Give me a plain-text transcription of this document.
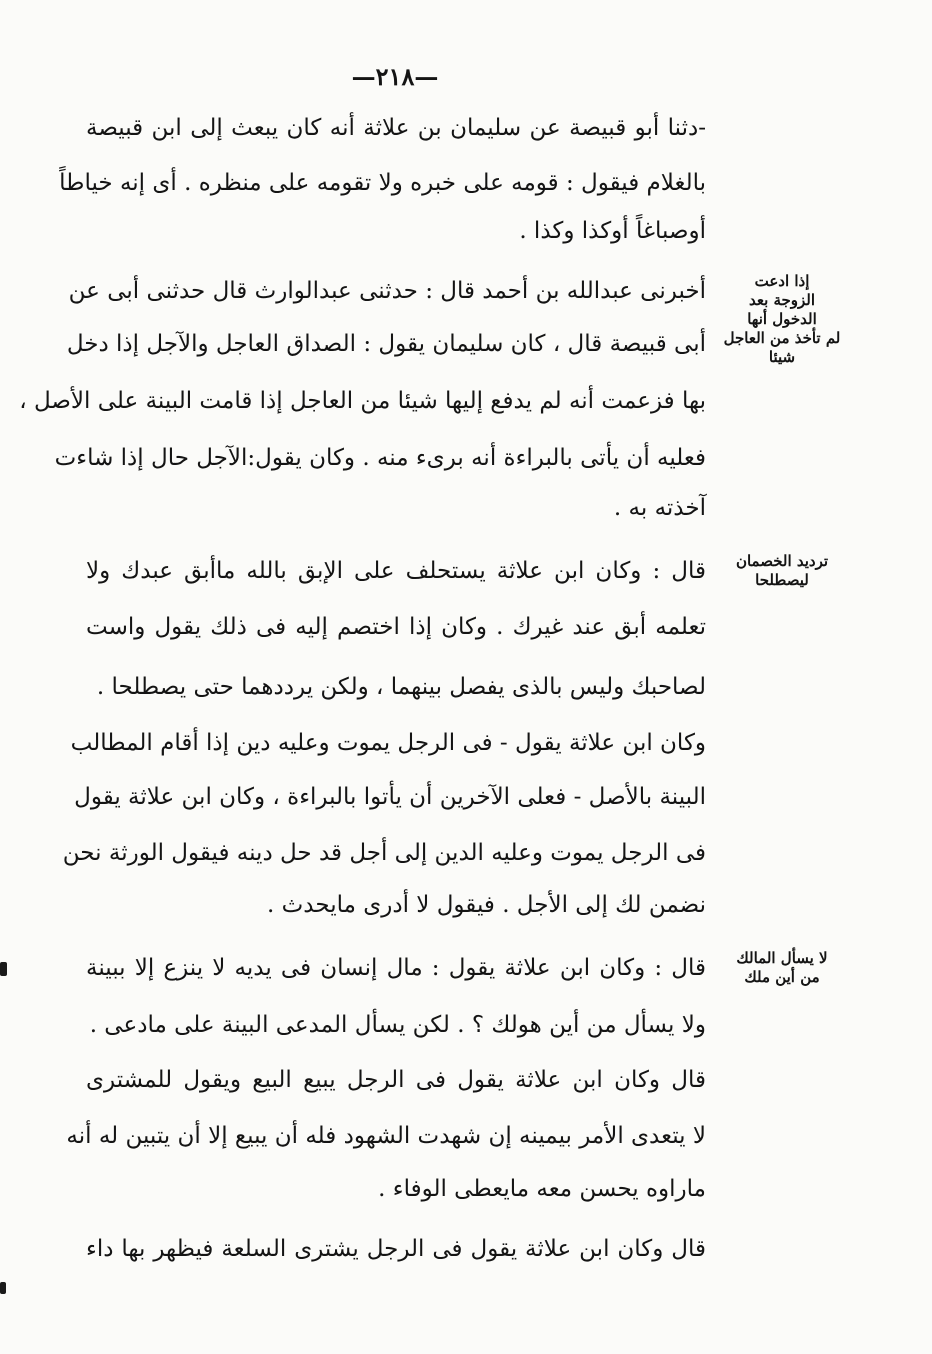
—٢١٨—
-دثنا أبو قبيصة عن سليمان بن علاثة أنه كان يبعث إلى ابن قبيصة
بالغلام فيقول : قومه على خبره ولا تقومه على منظره . أى إنه خياطاً
أوصباغاً أوكذا وكذا .
أخبرنى عبدالله بن أحمد قال : حدثنى عبدالوارث قال حدثنى أبى عن
أبى قبيصة قال ، كان سليمان يقول : الصداق العاجل والآجل إذا دخل
بها فزعمت أنه لم يدفع إليها شيئا من العاجل إذا قامت البينة على الأصل ،
فعليه أن يأتى بالبراءة أنه برىء منه . وكان يقول:الآجل حال إذا شاءت
آخذته به .
قال : وكان ابن علاثة يستحلف على الإبق بالله ماأبق عبدك ولا
تعلمه أبق عند غيرك . وكان إذا اختصم إليه فى ذلك يقول واست
لصاحبك وليس بالذى يفصل بينهما ، ولكن يرددهما حتى يصطلحا .
وكان ابن علاثة يقول - فى الرجل يموت وعليه دين إذا أقام المطالب
البينة بالأصل - فعلى الآخرين أن يأتوا بالبراءة ، وكان ابن علاثة يقول
فى الرجل يموت وعليه الدين إلى أجل قد حل دينه فيقول الورثة نحن
نضمن لك إلى الأجل . فيقول لا أدرى مايحدث .
قال : وكان ابن علاثة يقول : مال إنسان فى يديه لا ينزع إلا ببينة
ولا يسأل من أين هولك ؟ . لكن يسأل المدعى البينة على مادعى .
قال وكان ابن علاثة يقول فى الرجل يبيع البيع ويقول للمشترى
لا يتعدى الأمر بيمينه إن شهدت الشهود فله أن يبيع إلا أن يتبين له أنه
ماراوه يحسن معه مايعطى الوفاء .
قال وكان ابن علاثة يقول فى الرجل يشترى السلعة فيظهر بها داء
إذا ادعت
الزوجة بعد
الدخول أنها
لم تأخذ من العاجل
شيئا
ترديد الخصمان
ليصطلحا
لا يسأل المالك
من أين ملك
